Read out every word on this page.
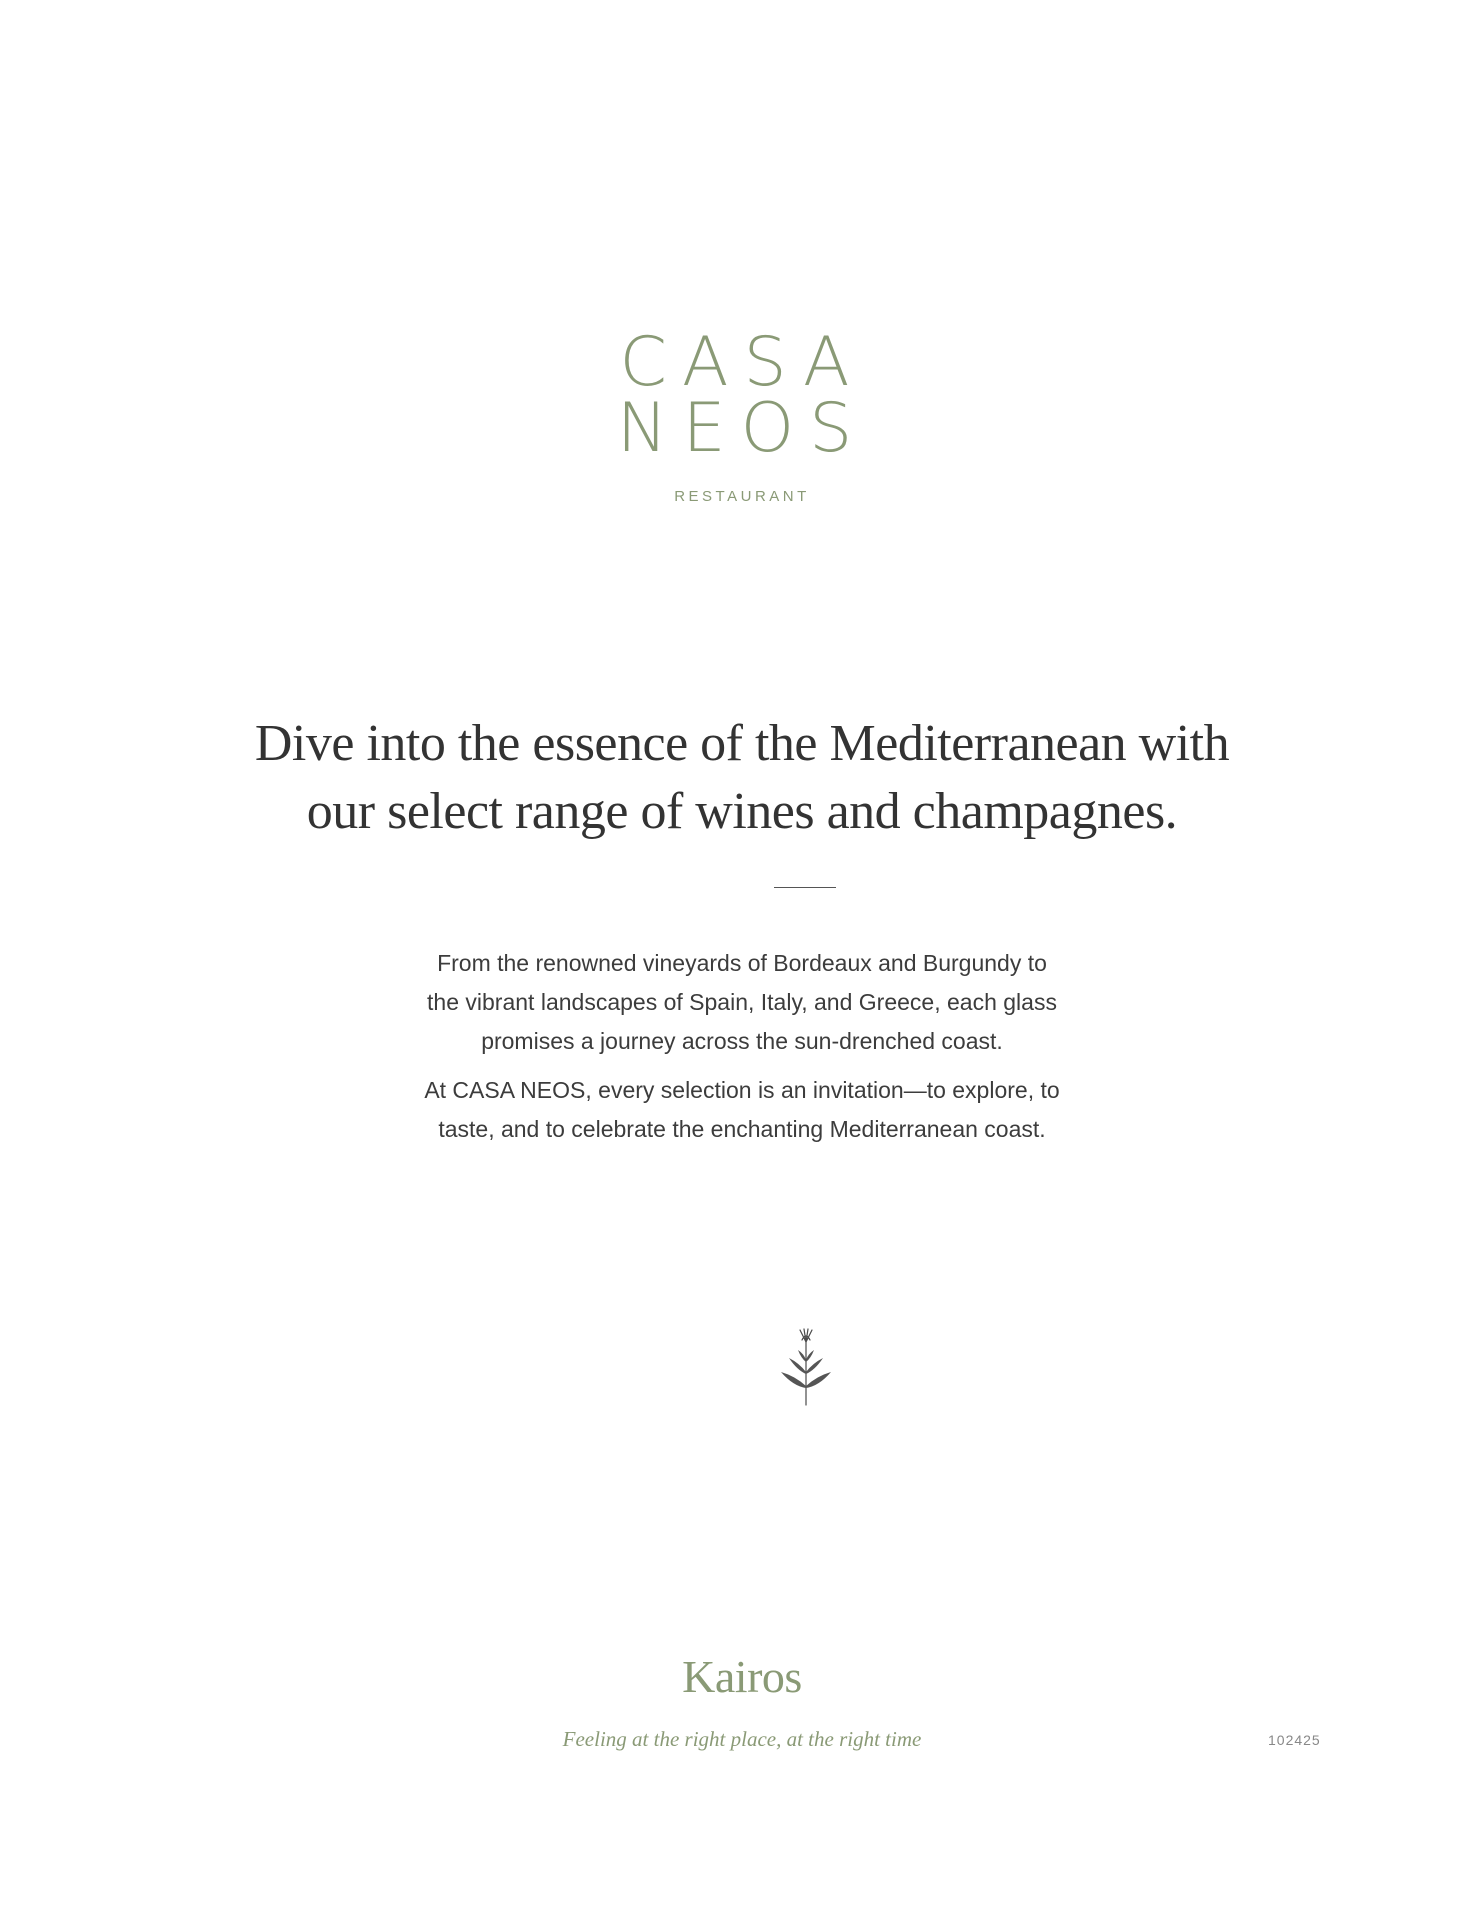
CASA
NEOS
RESTAURANT
Dive into the essence of the Mediterranean with
our select range of wines and champagnes.

From the renowned vineyards of Bordeaux and Burgundy to
the vibrant landscapes of Spain, Italy, and Greece, each glass
promises a journey across the sun-drenched coast.

At CASA NEOS, every selection is an invitation—to explore, to
taste, and to celebrate the enchanting Mediterranean coast.

Kairos
Feeling at the right place, at the right time	102425
